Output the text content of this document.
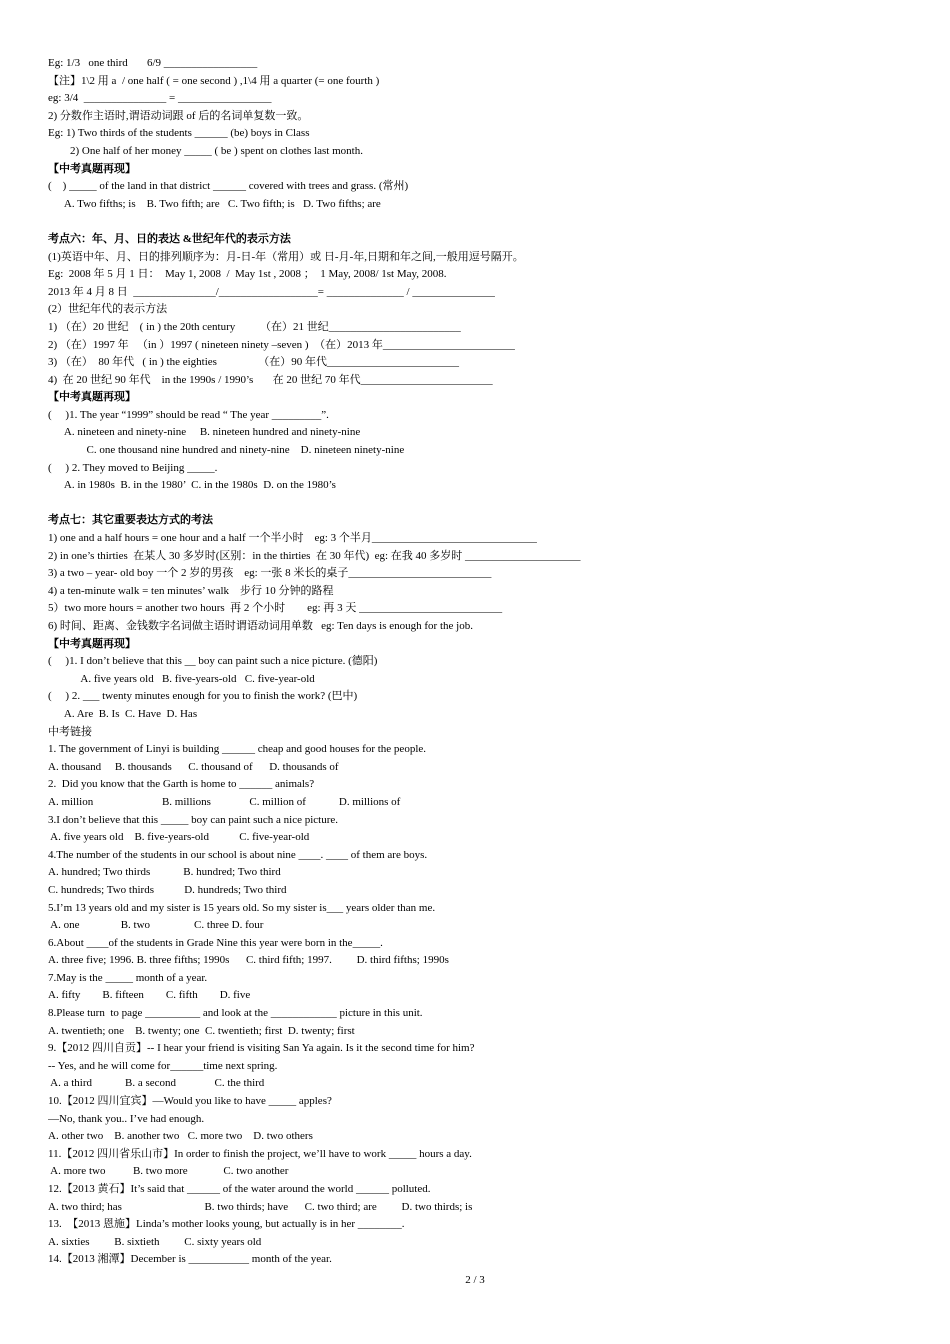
Eg: 1/3   one third       6/9 _________________
【注】1\2 用 a  / one half ( = one second ) ,1\4 用 a quarter (= one fourth )
eg: 3/4  _______________ = _________________
2) 分数作主语时,谓语动词跟 of 后的名词单复数一致。
Eg: 1) Two thirds of the students ______ (be) boys in Class
2) One half of her money _____ ( be ) spent on clothes last month.
【中考真题再现】
(    ) _____ of the land in that district ______ covered with trees and grass. (常州)
A. Two fifths; is    B. Two fifth; are   C. Two fifth; is   D. Two fifths; are
考点六：年、月、日的表达 &世纪年代的表示方法
(1)英语中年、月、日的排列顺序为：月-日-年（常用）或 日-月-年,日期和年之间,一般用逗号隔开。
Eg:  2008 年 5 月 1 日：  May 1, 2008  /  May 1st , 2008 ；  1 May, 2008/ 1st May, 2008.
2013 年 4 月 8 日  _______________/__________________= ______________ / _______________
(2）世纪年代的表示方法
1) （在）20 世纪    ( in ) the 20th century         （在）21 世纪________________________
2) （在）1997 年   （in ）1997 ( nineteen ninety –seven )  （在）2013 年________________________
3) （在）  80 年代   ( in ) the eighties               （在）90 年代________________________
4)  在 20 世纪 90 年代    in the 1990s / 1990’s       在 20 世纪 70 年代________________________
【中考真题再现】
(     )1. The year “1999” should be read “ The year _________”.
A. nineteen and ninety-nine     B. nineteen hundred and ninety-nine
C. one thousand nine hundred and ninety-nine    D. nineteen ninety-nine
(     ) 2. They moved to Beijing _____.
A. in 1980s  B. in the 1980’  C. in the 1980s  D. on the 1980’s
考点七：其它重要表达方式的考法
1) one and a half hours = one hour and a half 一个半小时    eg: 3 个半月______________________________
2) in one’s thirties  在某人 30 多岁时(区别：in the thirties  在 30 年代)  eg: 在我 40 多岁时 _____________________
3) a two – year- old boy 一个 2 岁的男孩    eg: 一张 8 米长的桌子__________________________
4) a ten-minute walk = ten minutes’ walk    步行 10 分钟的路程
5）two more hours = another two hours  再 2 个小时        eg: 再 3 天 __________________________
6) 时间、距离、金钱数字名词做主语时谓语动词用单数   eg: Ten days is enough for the job.
【中考真题再现】
(     )1. I don’t believe that this __ boy can paint such a nice picture. (德阳)
A. five years old   B. five-years-old   C. five-year-old
(     ) 2. ___ twenty minutes enough for you to finish the work? (巴中)
A. Are  B. Is  C. Have  D. Has
中考链接
1. The government of Linyi is building ______ cheap and good houses for the people.
A. thousand     B. thousands      C. thousand of      D. thousands of
2.  Did you know that the Garth is home to ______ animals?
A. million                         B. millions              C. million of            D. millions of
3.I don’t believe that this _____ boy can paint such a nice picture.
A. five years old    B. five-years-old           C. five-year-old
4.The number of the students in our school is about nine ____. ____ of them are boys.
A. hundred; Two thirds            B. hundred; Two third
C. hundreds; Two thirds           D. hundreds; Two third
5.I’m 13 years old and my sister is 15 years old. So my sister is___ years older than me.
A. one               B. two                C. three D. four
6.About ____of the students in Grade Nine this year were born in the_____.
A. three five; 1996. B. three fifths; 1990s      C. third fifth; 1997.         D. third fifths; 1990s
7.May is the _____ month of a year.
A. fifty        B. fifteen        C. fifth        D. five
8.Please turn  to page __________ and look at the ____________ picture in this unit.
A. twentieth; one    B. twenty; one  C. twentieth; first  D. twenty; first
9.【2012 四川自贡】-- I hear your friend is visiting San Ya again. Is it the second time for him?
-- Yes, and he will come for______time next spring.
A. a third            B. a second              C. the third
10.【2012 四川宜宾】—Would you like to have _____ apples?
—No, thank you.. I’ve had enough.
A. other two    B. another two   C. more two    D. two others
11.【2012 四川省乐山市】In order to finish the project, we’ll have to work _____ hours a day.
A. more two          B. two more             C. two another
12.【2013 黄石】It’s said that ______ of the water around the world ______ polluted.
A. two third; has                              B. two thirds; have      C. two third; are         D. two thirds; is
13.  【2013 恩施】Linda’s mother looks young, but actually is in her ________.
A. sixties         B. sixtieth         C. sixty years old
14.【2013 湘潭】December is ___________ month of the year.
2 / 3
